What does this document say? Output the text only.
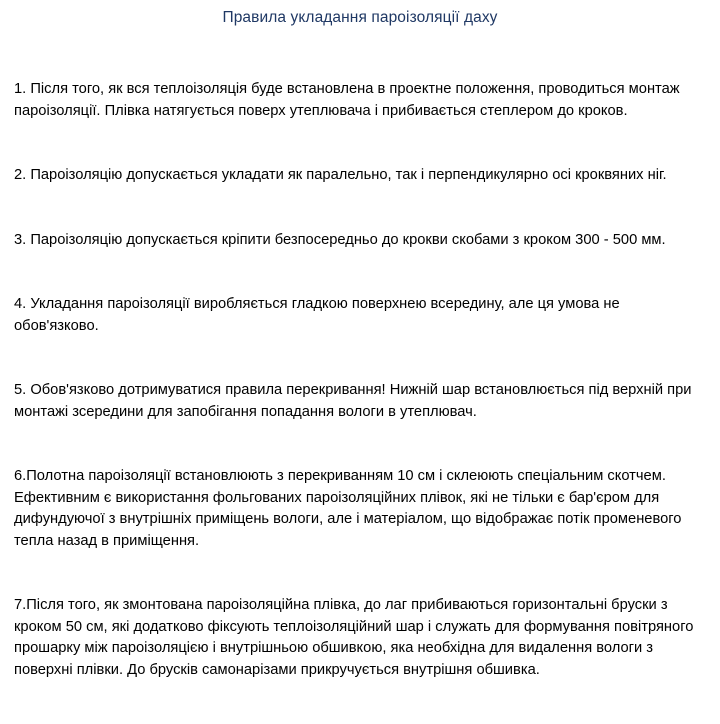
Правила укладання пароізоляції даху

1. Після того, як вся теплоізоляція буде встановлена в проектне положення, проводиться монтаж пароізоляції. Плівка натягується поверх утеплювача і прибивається степлером до кроков.

2. Пароізоляцію допускається укладати як паралельно, так і перпендикулярно осі кроквяних ніг.

3. Пароізоляцію допускається кріпити безпосередньо до крокви скобами з кроком 300 - 500 мм.

4. Укладання пароізоляції виробляється гладкою поверхнею всередину, але ця умова не обов'язково.

5. Обов'язково дотримуватися правила перекривання! Нижній шар встановлюється під верхній при монтажі зсередини для запобігання попадання вологи в утеплювач.

6.Полотна пароізоляції встановлюють з перекриванням 10 см і склеюють спеціальним скотчем. Ефективним є використання фольгованих пароізоляційних плівок, які не тільки є бар'єром для дифундуючої з внутрішніх приміщень вологи, але і матеріалом, що відображає потік променевого тепла назад в приміщення.

7.Після того, як змонтована пароізоляційна плівка, до лаг прибиваються горизонтальні бруски з кроком 50 см, які додатково фіксують теплоізоляційний шар і служать для формування повітряного прошарку між пароізоляцією і внутрішньою обшивкою, яка необхідна для видалення вологи з поверхні плівки. До брусків самонарізами прикручується внутрішня обшивка.
